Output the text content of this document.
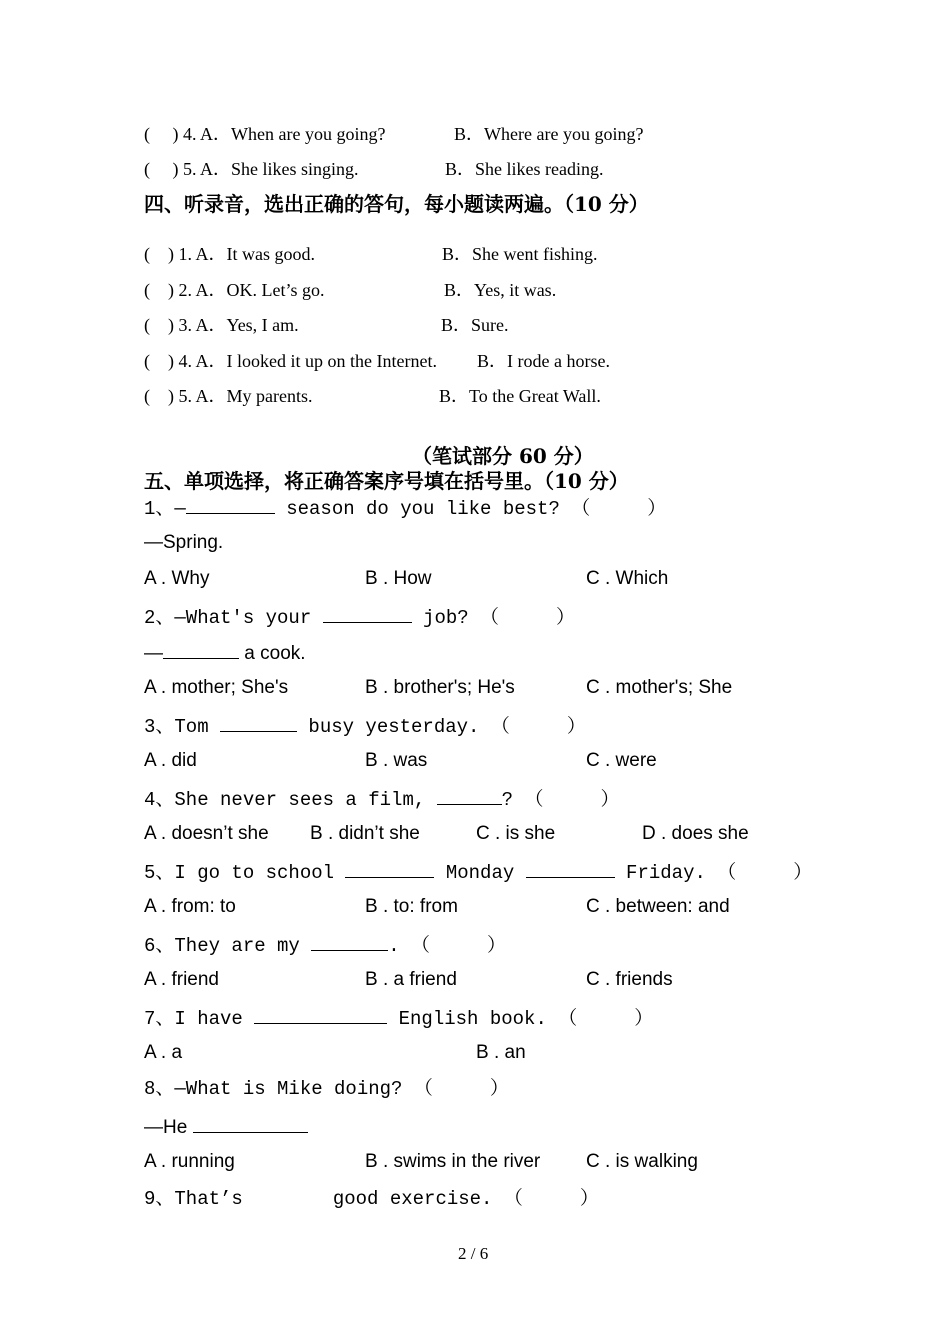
(     ) 4. A．When are you going?	B．Where are you going?
(     ) 5. A．She likes singing.	B．She likes reading.
四、听录音，选出正确的答句，每小题读两遍。（10 分）
(    ) 1. A．It was good.	B．She went fishing.
(    ) 2. A．OK. Let’s go.	B．Yes, it was.
(    ) 3. A．Yes, I am.	B．Sure.
(    ) 4. A．I looked it up on the Internet. B．I rode a horse.
(    ) 5. A．My parents.	B．To the Great Wall.
（笔试部分 60 分）
五、单项选择，将正确答案序号填在括号里。（10 分）
1、—	season do you like best? （     ）
—Spring.
A . Why	B . How	C . Which
2、—What's your	job? （     ）
—	a cook.
A . mother; She's	B . brother's; He's	C . mother's; She
3、Tom	busy yesterday. （     ）
A . did	B . was	C . were
4、She never sees a film,	? （     ）
A . doesn’t she B . didn’t she	C . is she	D . does she
5、I go to school	Monday	Friday. （     ）
A . from: to	B . to: from	C . between: and
6、They are my	. （     ）
A . friend	B . a friend	C . friends
7、I have	English book. （     ）
A . a	B . an
8、—What is Mike doing? （     ）
—He
A . running	B . swims in the river C . is walking
9、That’s	good exercise. （     ）
2 / 6
